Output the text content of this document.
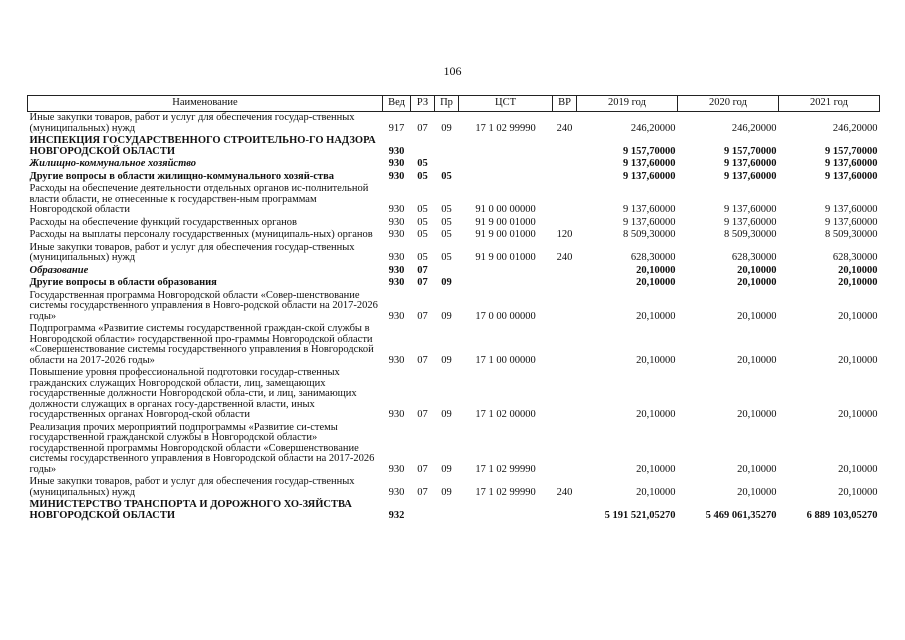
106
Наименование	Вед	РЗ	Пр	ЦСТ	ВР	2019 год	2020 год	2021 год
Иные закупки товаров, работ и услуг для обеспечения государ-ственных (муниципальных) нужд	917	07	09	17 1 02 99990	240	246,20000	246,20000	246,20000
ИНСПЕКЦИЯ ГОСУДАРСТВЕННОГО СТРОИТЕЛЬНО-ГО НАДЗОРА НОВГОРОДСКОЙ ОБЛАСТИ	930					9 157,70000	9 157,70000	9 157,70000
Жилищно-коммунальное хозяйство	930	05				9 137,60000	9 137,60000	9 137,60000
Другие вопросы в области жилищно-коммунального хозяй-ства	930	05	05			9 137,60000	9 137,60000	9 137,60000
Расходы на обеспечение деятельности отдельных органов ис-полнительной власти области, не отнесенные к государствен-ным программам Новгородской области	930	05	05	91 0 00 00000		9 137,60000	9 137,60000	9 137,60000
Расходы на обеспечение функций государственных органов	930	05	05	91 9 00 01000		9 137,60000	9 137,60000	9 137,60000
Расходы на выплаты персоналу государственных (муниципаль-ных) органов	930	05	05	91 9 00 01000	120	8 509,30000	8 509,30000	8 509,30000
Иные закупки товаров, работ и услуг для обеспечения государ-ственных (муниципальных) нужд	930	05	05	91 9 00 01000	240	628,30000	628,30000	628,30000
Образование	930	07				20,10000	20,10000	20,10000
Другие вопросы в области образования	930	07	09			20,10000	20,10000	20,10000
Государственная программа Новгородской области «Совер-шенствование системы государственного управления в Новго-родской области на 2017-2026 годы»	930	07	09	17 0 00 00000		20,10000	20,10000	20,10000
Подпрограмма «Развитие системы государственной граждан-ской службы в Новгородской области» государственной про-граммы Новгородской области «Совершенствование системы государственного управления в Новгородской области на 2017-2026 годы»	930	07	09	17 1 00 00000		20,10000	20,10000	20,10000
Повышение уровня профессиональной подготовки государ-ственных гражданских служащих Новгородской области, лиц, замещающих государственные должности Новгородской обла-сти, и лиц, занимающих должности служащих в органах госу-дарственной власти, иных государственных органах Новгород-ской области	930	07	09	17 1 02 00000		20,10000	20,10000	20,10000
Реализация прочих мероприятий подпрограммы «Развитие си-стемы государственной гражданской службы в Новгородской области» государственной программы Новгородской области «Совершенствование системы государственного управления в Новгородской области на 2017-2026 годы»	930	07	09	17 1 02 99990		20,10000	20,10000	20,10000
Иные закупки товаров, работ и услуг для обеспечения государ-ственных (муниципальных) нужд	930	07	09	17 1 02 99990	240	20,10000	20,10000	20,10000
МИНИСТЕРСТВО ТРАНСПОРТА И ДОРОЖНОГО ХО-ЗЯЙСТВА НОВГОРОДСКОЙ ОБЛАСТИ	932					5 191 521,05270	5 469 061,35270	6 889 103,05270
